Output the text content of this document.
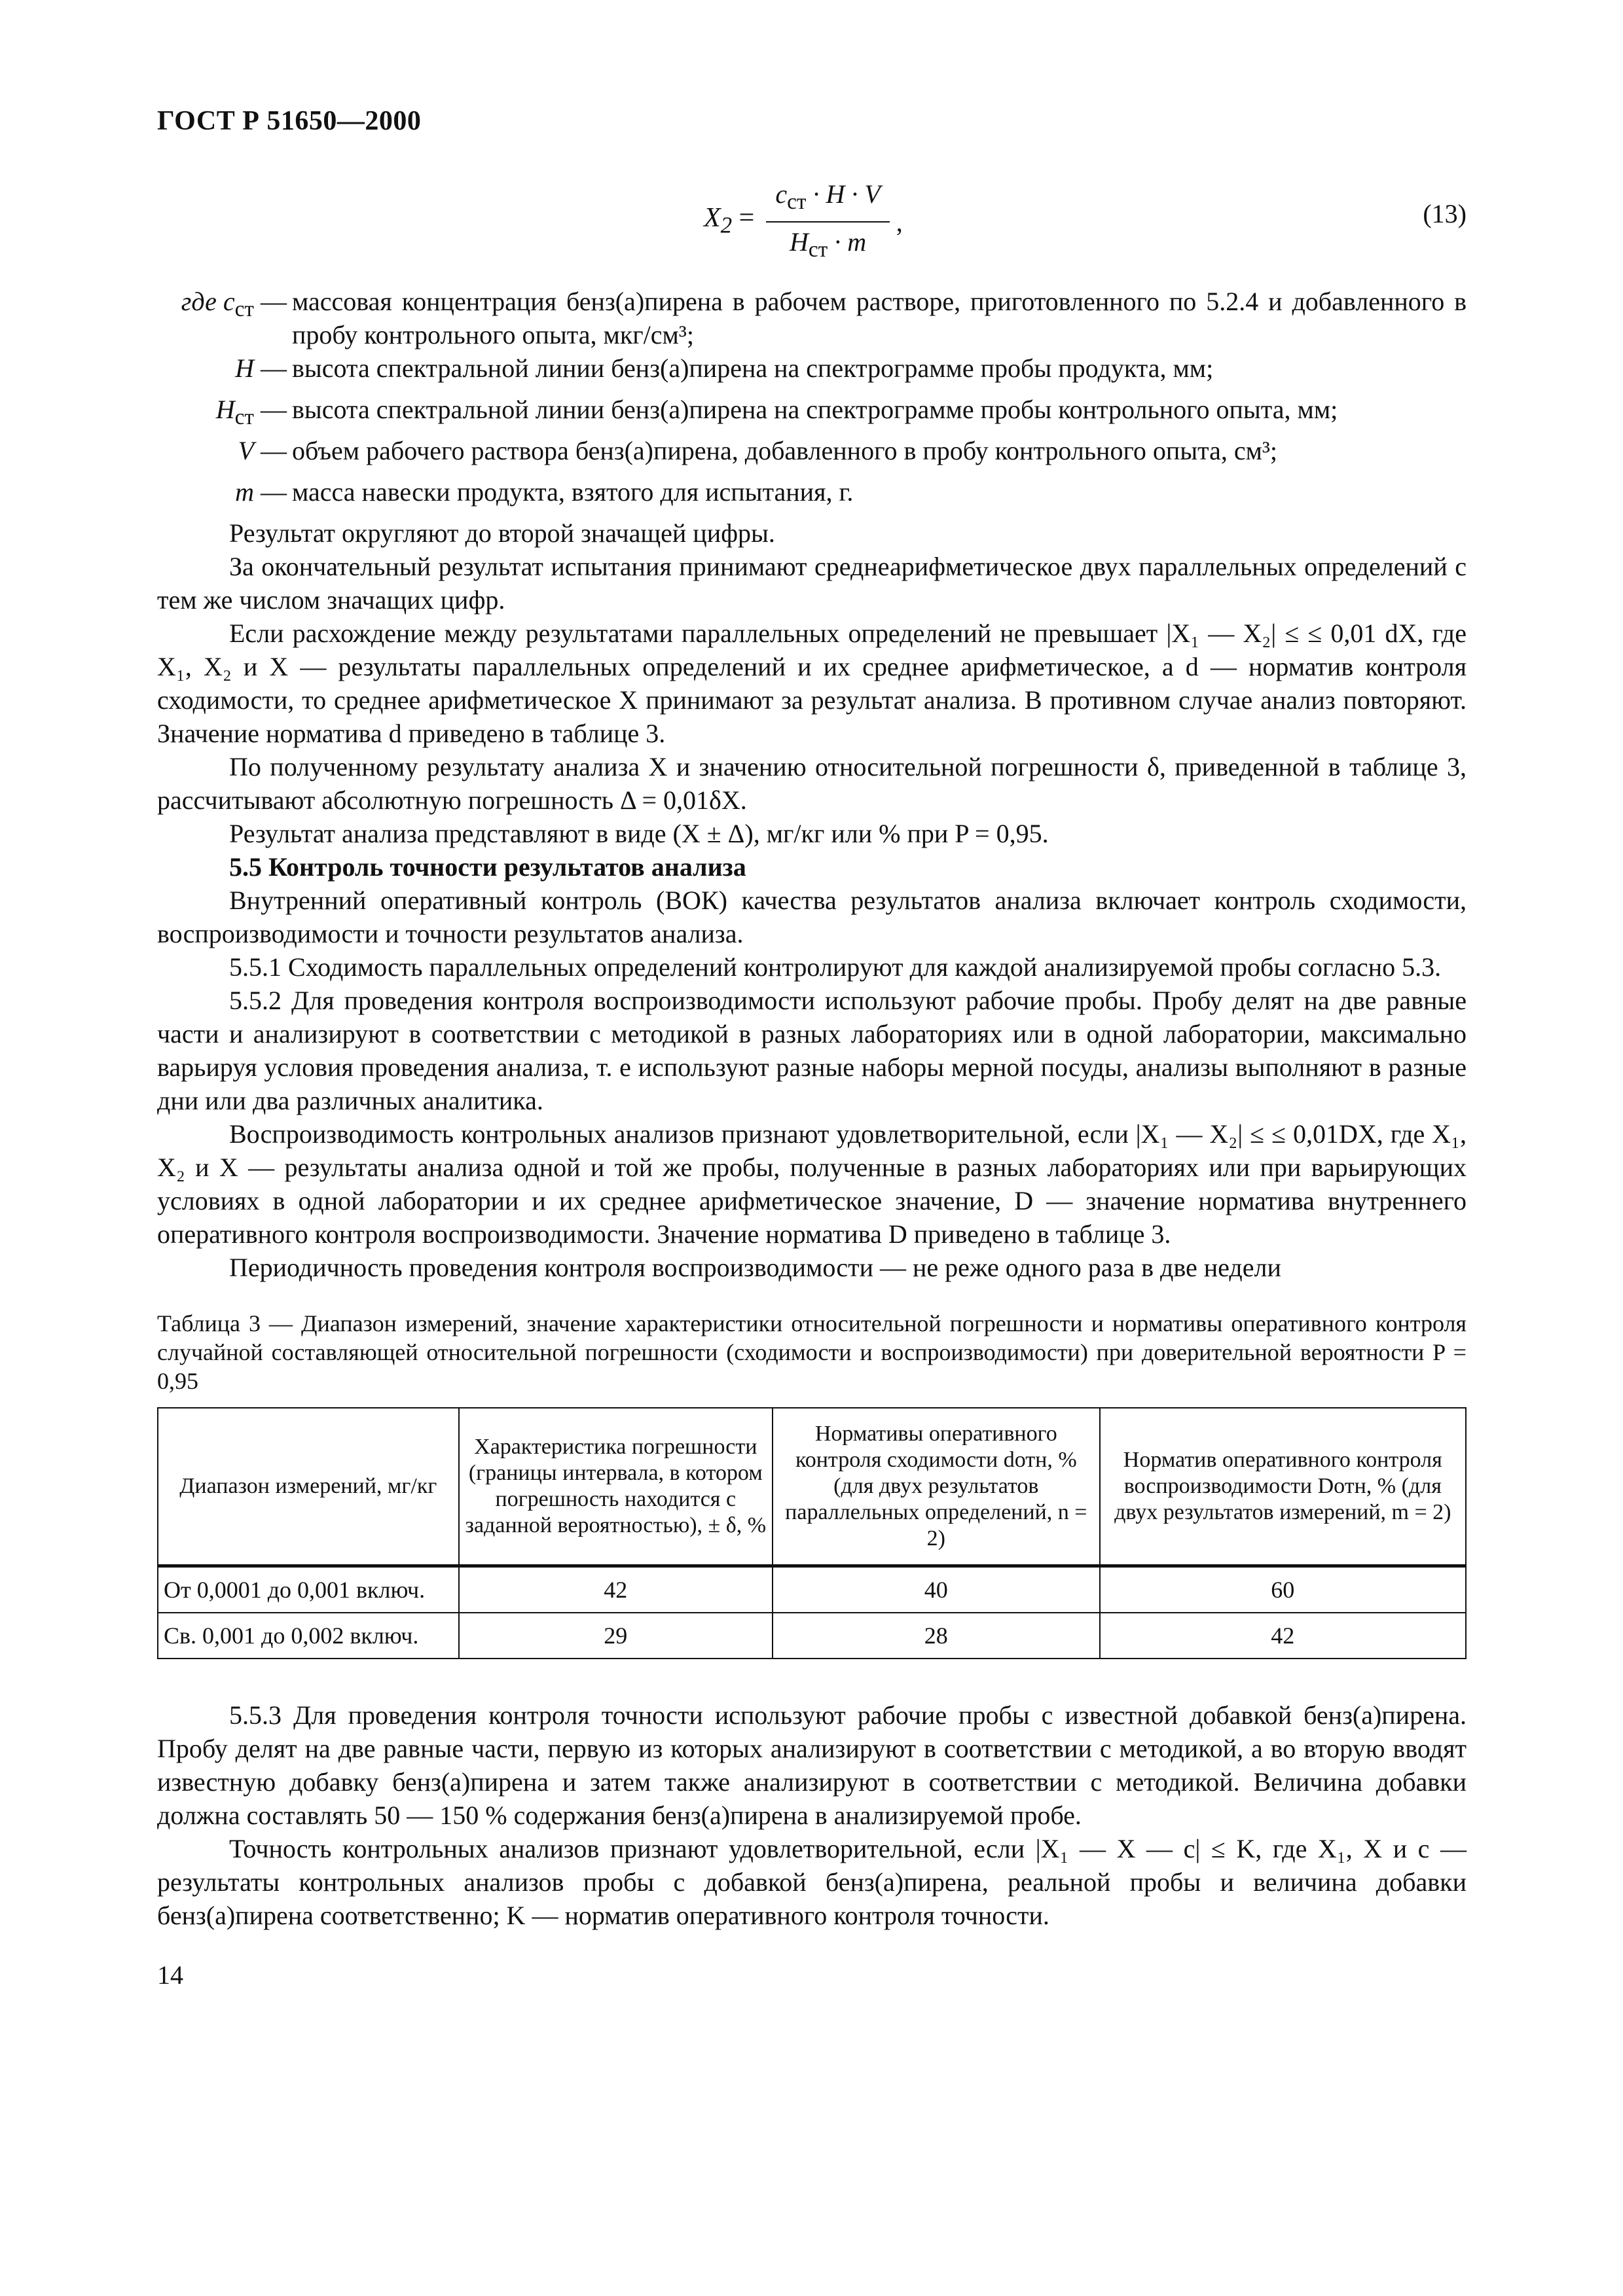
ГОСТ Р 51650—2000
$X_2 = \frac{c_{ст} \cdot H \cdot V}{H_{ст} \cdot m}$ ,	(13)
где $c_{ст}$ — массовая концентрация бенз(а)пирена в рабочем растворе, приготовленного по 5.2.4 и добавленного в пробу контрольного опыта, мкг/см³;
H — высота спектральной линии бенз(а)пирена на спектрограмме пробы продукта, мм;
$H_{ст}$ — высота спектральной линии бенз(а)пирена на спектрограмме пробы контрольного опыта, мм;
V — объем рабочего раствора бенз(а)пирена, добавленного в пробу контрольного опыта, см³;
m — масса навески продукта, взятого для испытания, г.

Результат округляют до второй значащей цифры.

За окончательный результат испытания принимают среднеарифметическое двух параллельных определений с тем же числом значащих цифр.

Если расхождение между результатами параллельных определений не превышает |X₁ — X₂| ≤ ≤ 0,01 dX, где X₁, X₂ и X — результаты параллельных определений и их среднее арифметическое, а d — норматив контроля сходимости, то среднее арифметическое X принимают за результат анализа. В противном случае анализ повторяют. Значение норматива d приведено в таблице 3.

По полученному результату анализа X и значению относительной погрешности δ, приведенной в таблице 3, рассчитывают абсолютную погрешность Δ = 0,01δX.

Результат анализа представляют в виде (X ± Δ), мг/кг или % при P = 0,95.

5.5 Контроль точности результатов анализа

Внутренний оперативный контроль (ВОК) качества результатов анализа включает контроль сходимости, воспроизводимости и точности результатов анализа.

5.5.1 Сходимость параллельных определений контролируют для каждой анализируемой пробы согласно 5.3.

5.5.2 Для проведения контроля воспроизводимости используют рабочие пробы. Пробу делят на две равные части и анализируют в соответствии с методикой в разных лабораториях или в одной лаборатории, максимально варьируя условия проведения анализа, т. е используют разные наборы мерной посуды, анализы выполняют в разные дни или два различных аналитика.

Воспроизводимость контрольных анализов признают удовлетворительной, если |X₁ — X₂| ≤ ≤ 0,01DX, где X₁, X₂ и X — результаты анализа одной и той же пробы, полученные в разных лабораториях или при варьирующих условиях в одной лаборатории и их среднее арифметическое значение, D — значение норматива внутреннего оперативного контроля воспроизводимости. Значение норматива D приведено в таблице 3.

Периодичность проведения контроля воспроизводимости — не реже одного раза в две недели

Таблица 3 — Диапазон измерений, значение характеристики относительной погрешности и нормативы оперативного контроля случайной составляющей относительной погрешности (сходимости и воспроизводимости) при доверительной вероятности P = 0,95
Диапазон измерений, мг/кг	Характеристика погрешности (границы интервала, в котором погрешность находится с заданной вероятностью), ± δ, %	Нормативы оперативного контроля сходимости dотн, % (для двух результатов параллельных определений, n = 2)	Норматив оперативного контроля воспроизводимости Dотн, % (для двух результатов измерений, m = 2)
От 0,0001 до 0,001 включ.	42	40	60
Св. 0,001 до 0,002 включ.	29	28	42

5.5.3 Для проведения контроля точности используют рабочие пробы с известной добавкой бенз(а)пирена. Пробу делят на две равные части, первую из которых анализируют в соответствии с методикой, а во вторую вводят известную добавку бенз(а)пирена и затем также анализируют в соответствии с методикой. Величина добавки должна составлять 50 — 150 % содержания бенз(а)пирена в анализируемой пробе.

Точность контрольных анализов признают удовлетворительной, если |X₁ — X — c| ≤ K, где X₁, X и c — результаты контрольных анализов пробы с добавкой бенз(а)пирена, реальной пробы и величина добавки бенз(а)пирена соответственно; K — норматив оперативного контроля точности.

14
